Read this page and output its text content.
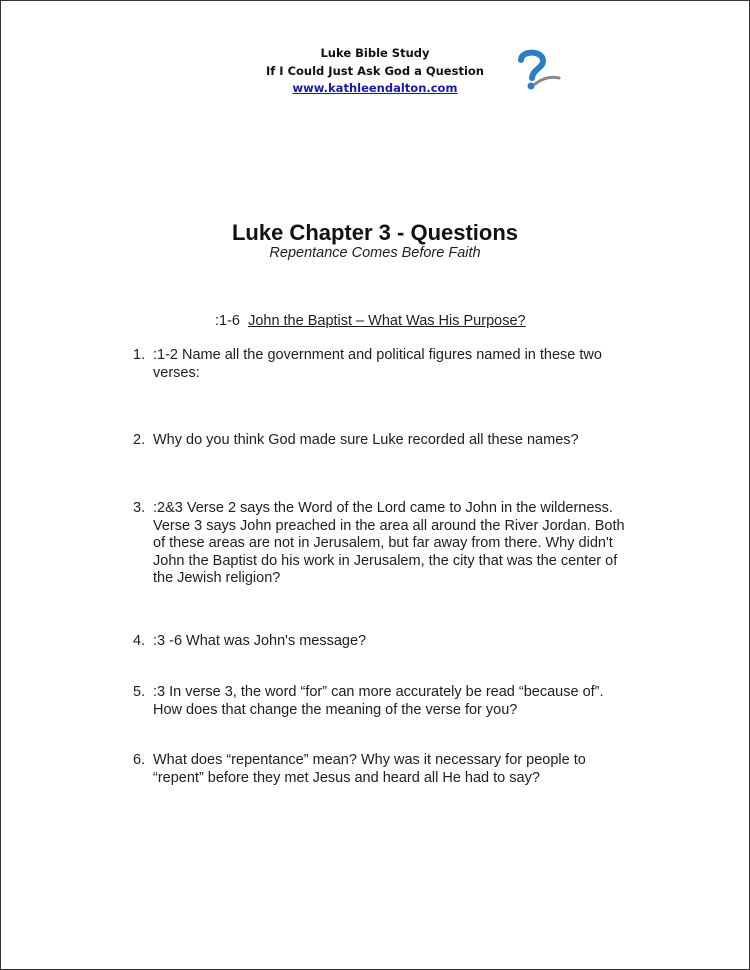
Luke Bible Study
If I Could Just Ask God a Question
www.kathleendalton.com
Luke Chapter 3 - Questions
Repentance Comes Before Faith
:1-6 John the Baptist – What Was His Purpose?
1. :1-2 Name all the government and political figures named in these two verses:
2. Why do you think God made sure Luke recorded all these names?
3. :2&3 Verse 2 says the Word of the Lord came to John in the wilderness. Verse 3 says John preached in the area all around the River Jordan. Both of these areas are not in Jerusalem, but far away from there. Why didn't John the Baptist do his work in Jerusalem, the city that was the center of the Jewish religion?
4. :3 -6 What was John's message?
5. :3 In verse 3, the word “for” can more accurately be read “because of”. How does that change the meaning of the verse for you?
6. What does “repentance” mean? Why was it necessary for people to “repent” before they met Jesus and heard all He had to say?
